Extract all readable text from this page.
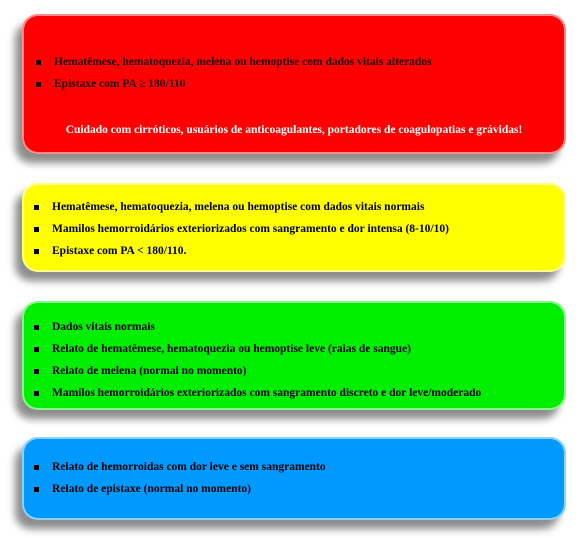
Hematêmese, hematoquezia, melena ou hemoptise com dados vitais alterados
Epistaxe com PA ≥ 180/110
Cuidado com cirróticos, usuários de anticoagulantes, portadores de coagulopatias e grávidas!
Hematêmese, hematoquezia, melena ou hemoptise com dados vitais normais
Mamilos hemorroidários exteriorizados com sangramento e dor intensa (8-10/10)
Epistaxe com PA < 180/110.
Dados vitais normais
Relato de hematêmese, hematoquezia ou hemoptise leve (raias de sangue)
Relato de melena (normal no momento)
Mamilos hemorroidários exteriorizados com sangramento discreto e dor leve/moderado
Relato de hemorroidas com dor leve e sem sangramento
Relato de epistaxe (normal no momento)
